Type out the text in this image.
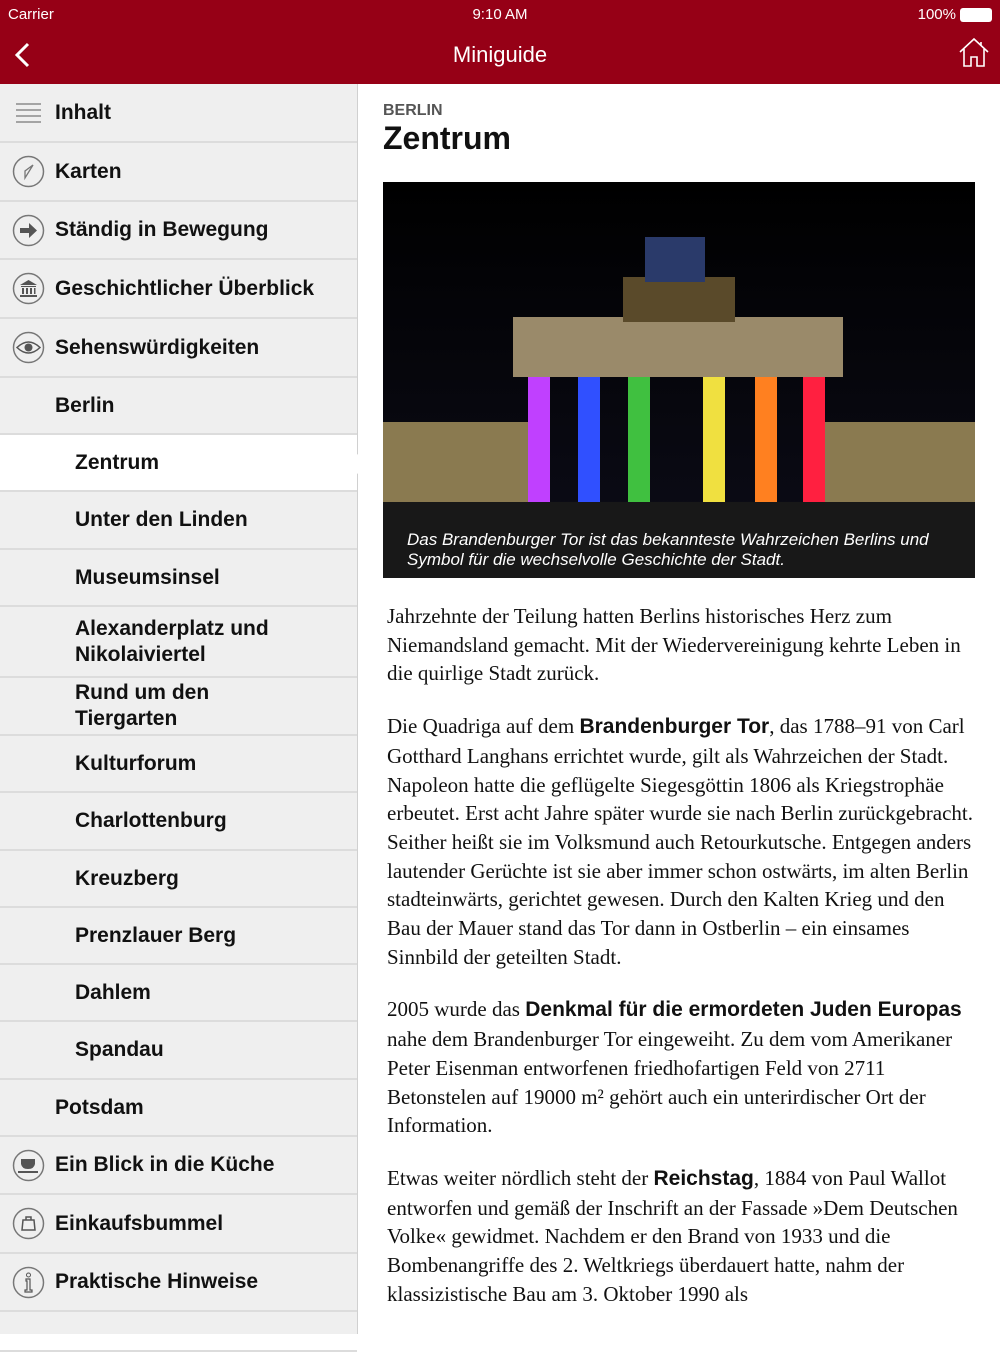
Carrier	9:10 AM	100%
Miniguide
Inhalt
Karten
Ständig in Bewegung
Geschichtlicher Überblick
Sehenswürdigkeiten
Berlin
Zentrum
Unter den Linden
Museumsinsel
Alexanderplatz und Nikolaiviertel
Rund um den Tiergarten
Kulturforum
Charlottenburg
Kreuzberg
Prenzlauer Berg
Dahlem
Spandau
Potsdam
Ein Blick in die Küche
Einkaufsbummel
Praktische Hinweise
BERLIN
Zentrum
Das Brandenburger Tor ist das bekannteste Wahrzeichen Berlins und Symbol für die wechselvolle Geschichte der Stadt.

Jahrzehnte der Teilung hatten Berlins historisches Herz zum Niemandsland gemacht. Mit der Wiedervereinigung kehrte Leben in die quirlige Stadt zurück.

Die Quadriga auf dem Brandenburger Tor, das 1788–91 von Carl Gotthard Langhans errichtet wurde, gilt als Wahrzeichen der Stadt. Napoleon hatte die geflügelte Siegesgöttin 1806 als Kriegstrophäe erbeutet. Erst acht Jahre später wurde sie nach Berlin zurückgebracht. Seither heißt sie im Volksmund auch Retourkutsche. Entgegen anders lautender Gerüchte ist sie aber immer schon ostwärts, im alten Berlin stadteinwärts, gerichtet gewesen. Durch den Kalten Krieg und den Bau der Mauer stand das Tor dann in Ostberlin – ein einsames Sinnbild der geteilten Stadt.

2005 wurde das Denkmal für die ermordeten Juden Europas nahe dem Brandenburger Tor eingeweiht. Zu dem vom Amerikaner Peter Eisenman entworfenen friedhofartigen Feld von 2711 Betonstelen auf 19000 m² gehört auch ein unterirdischer Ort der Information.

Etwas weiter nördlich steht der Reichstag, 1884 von Paul Wallot entworfen und gemäß der Inschrift an der Fassade »Dem Deutschen Volke« gewidmet. Nachdem er den Brand von 1933 und die Bombenangriffe des 2. Weltkriegs überdauert hatte, nahm der klassizistische Bau am 3. Oktober 1990 als
